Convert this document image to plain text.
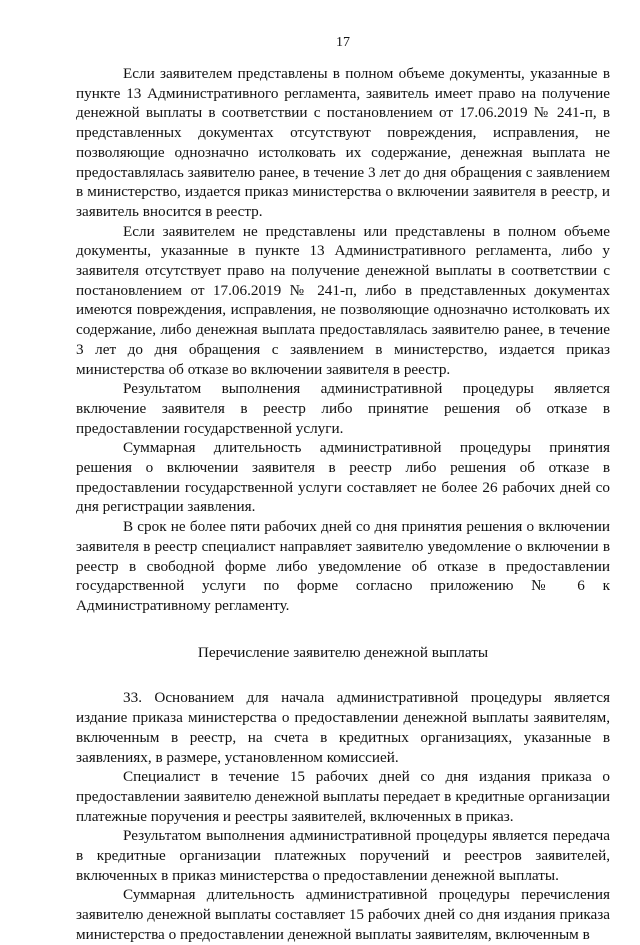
17

Если заявителем представлены в полном объеме документы, указанные в пункте 13 Административного регламента, заявитель имеет право на получение денежной выплаты в соответствии с постановлением от 17.06.2019 № 241-п, в представленных документах отсутствуют повреждения, исправления, не позволяющие однозначно истолковать их содержание, денежная выплата не предоставлялась заявителю ранее, в течение 3 лет до дня обращения с заявлением в министерство, издается приказ министерства о включении заявителя в реестр, и заявитель вносится в реестр.

Если заявителем не представлены или представлены в полном объеме документы, указанные в пункте 13 Административного регламента, либо у заявителя отсутствует право на получение денежной выплаты в соответствии с постановлением от 17.06.2019 № 241-п, либо в представленных документах имеются повреждения, исправления, не позволяющие однозначно истолковать их содержание, либо денежная выплата предоставлялась заявителю ранее, в течение 3 лет до дня обращения с заявлением в министерство, издается приказ министерства об отказе во включении заявителя в реестр.

Результатом выполнения административной процедуры является включение заявителя в реестр либо принятие решения об отказе в предоставлении государственной услуги.

Суммарная длительность административной процедуры принятия решения о включении заявителя в реестр либо решения об отказе в предоставлении государственной услуги составляет не более 26 рабочих дней со дня регистрации заявления.

В срок не более пяти рабочих дней со дня принятия решения о включении заявителя в реестр специалист направляет заявителю уведомление о включении в реестр в свободной форме либо уведомление об отказе в предоставлении государственной услуги по форме согласно приложению № 6 к Административному регламенту.

Перечисление заявителю денежной выплаты

33. Основанием для начала административной процедуры является издание приказа министерства о предоставлении денежной выплаты заявителям, включенным в реестр, на счета в кредитных организациях, указанные в заявлениях, в размере, установленном комиссией.

Специалист в течение 15 рабочих дней со дня издания приказа о предоставлении заявителю денежной выплаты передает в кредитные организации платежные поручения и реестры заявителей, включенных в приказ.

Результатом выполнения административной процедуры является передача в кредитные организации платежных поручений и реестров заявителей, включенных в приказ министерства о предоставлении денежной выплаты.

Суммарная длительность административной процедуры перечисления заявителю денежной выплаты составляет 15 рабочих дней со дня издания приказа министерства о предоставлении денежной выплаты заявителям, включенным в
